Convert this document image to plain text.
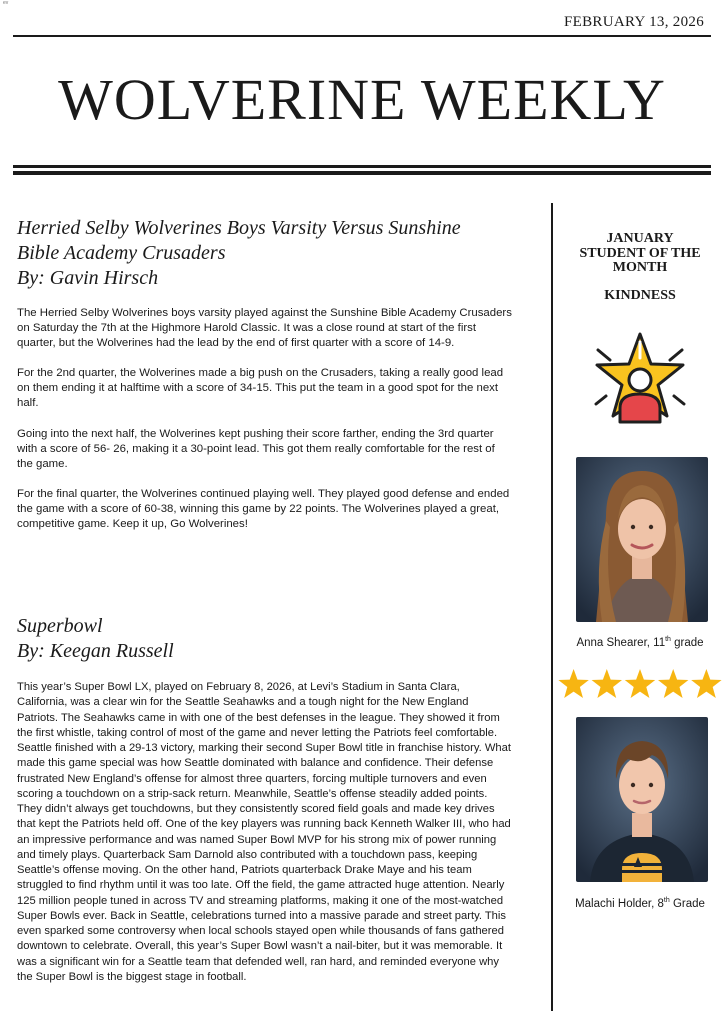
ev
FEBRUARY 13, 2026
WOLVERINE WEEKLY
Herried Selby Wolverines Boys Varsity Versus Sunshine
Bible Academy Crusaders
By: Gavin Hirsch

The Herried Selby Wolverines boys varsity played against the Sunshine Bible Academy Crusaders on Saturday the 7th at the Highmore Harold Classic. It was a close round at start of the first quarter, but the Wolverines had the lead by the end of first quarter with a score of 14-9.

For the 2nd quarter, the Wolverines made a big push on the Crusaders, taking a really good lead on them ending it at halftime with a score of 34-15. This put the team in a good spot for the next half.

Going into the next half, the Wolverines kept pushing their score farther, ending the 3rd quarter with a score of 56- 26, making it a 30-point lead. This got them really comfortable for the rest of the game.

For the final quarter, the Wolverines continued playing well. They played good defense and ended the game with a score of 60-38, winning this game by 22 points. The Wolverines played a great, competitive game. Keep it up, Go Wolverines!

Superbowl
By: Keegan Russell
This year’s Super Bowl LX, played on February 8, 2026, at Levi’s Stadium in Santa Clara, California, was a clear win for the Seattle Seahawks and a tough night for the New England Patriots. The Seahawks came in with one of the best defenses in the league. They showed it from the first whistle, taking control of most of the game and never letting the Patriots feel comfortable. Seattle finished with a 29-13 victory, marking their second Super Bowl title in franchise history. What made this game special was how Seattle dominated with balance and confidence. Their defense frustrated New England’s offense for almost three quarters, forcing multiple turnovers and even scoring a touchdown on a strip-sack return. Meanwhile, Seattle’s offense steadily added points. They didn’t always get touchdowns, but they consistently scored field goals and made key drives that kept the Patriots held off. One of the key players was running back Kenneth Walker III, who had an impressive performance and was named Super Bowl MVP for his strong mix of power running and timely plays. Quarterback Sam Darnold also contributed with a touchdown pass, keeping Seattle’s offense moving. On the other hand, Patriots quarterback Drake Maye and his team struggled to find rhythm until it was too late. Off the field, the game attracted huge attention. Nearly 125 million people tuned in across TV and streaming platforms, making it one of the most-watched Super Bowls ever. Back in Seattle, celebrations turned into a massive parade and street party. This even sparked some controversy when local schools stayed open while thousands of fans gathered downtown to celebrate. Overall, this year’s Super Bowl wasn’t a nail-biter, but it was memorable. It was a significant win for a Seattle team that defended well, ran hard, and reminded everyone why the Super Bowl is the biggest stage in football.
JANUARY
STUDENT OF THE
MONTH
KINDNESS
Anna Shearer, 11th grade
Malachi Holder, 8th Grade
